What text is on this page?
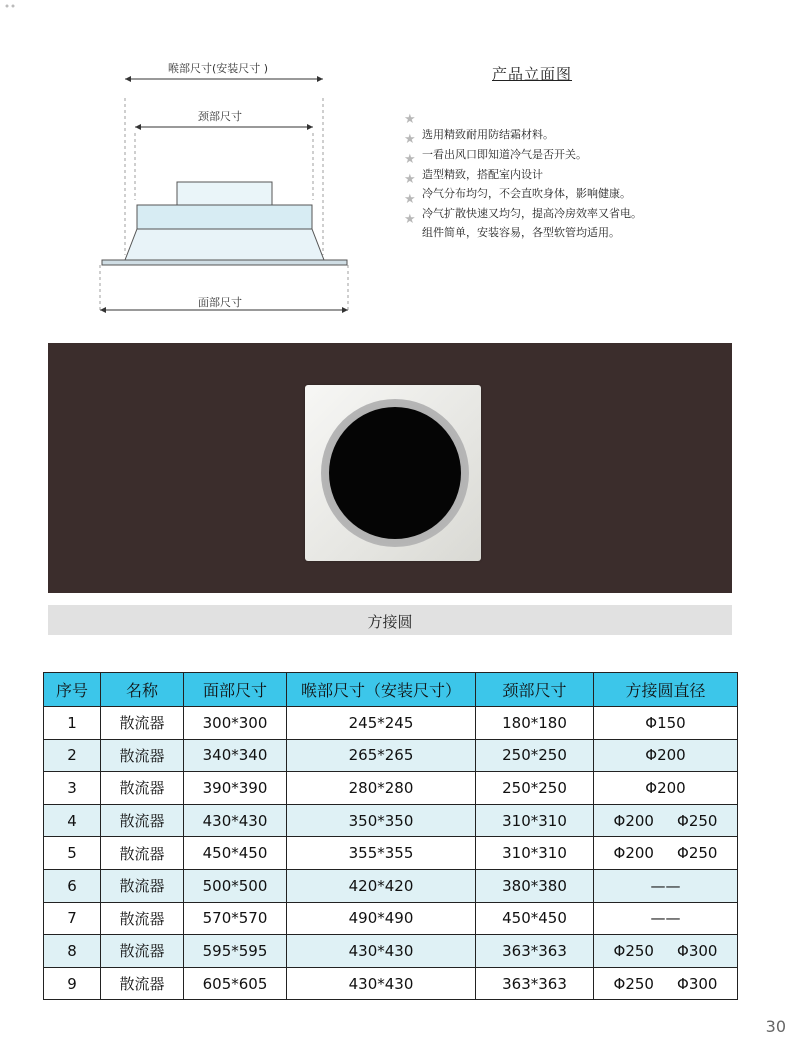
喉部尺寸(安装尺寸 )
颈部尺寸
面部尺寸
产品立面图
★
选用精致耐用防结霜材料。
★
一看出风口即知道冷气是否开关。
★
造型精致，搭配室内设计
★
冷气分布均匀，不会直吹身体，影响健康。
★
冷气扩散快速又均匀，提高冷房效率又省电。
★
组件简单，安装容易，各型软管均适用。
方接圆
序号	名称	面部尺寸	喉部尺寸（安装尺寸）	颈部尺寸	方接圆直径
1	散流器	300*300	245*245	180*180	Φ150

2	散流器	340*340	265*265	250*250	Φ200

3	散流器	390*390	280*280	250*250	Φ200

4	散流器	430*430	350*350	310*310	Φ200 Φ250

5	散流器	450*450	355*355	310*310	Φ200 Φ250

6	散流器	500*500	420*420	380*380	——

7	散流器	570*570	490*490	450*450	——

8	散流器	595*595	430*430	363*363	Φ250 Φ300

9	散流器	605*605	430*430	363*363	Φ250 Φ300
30
